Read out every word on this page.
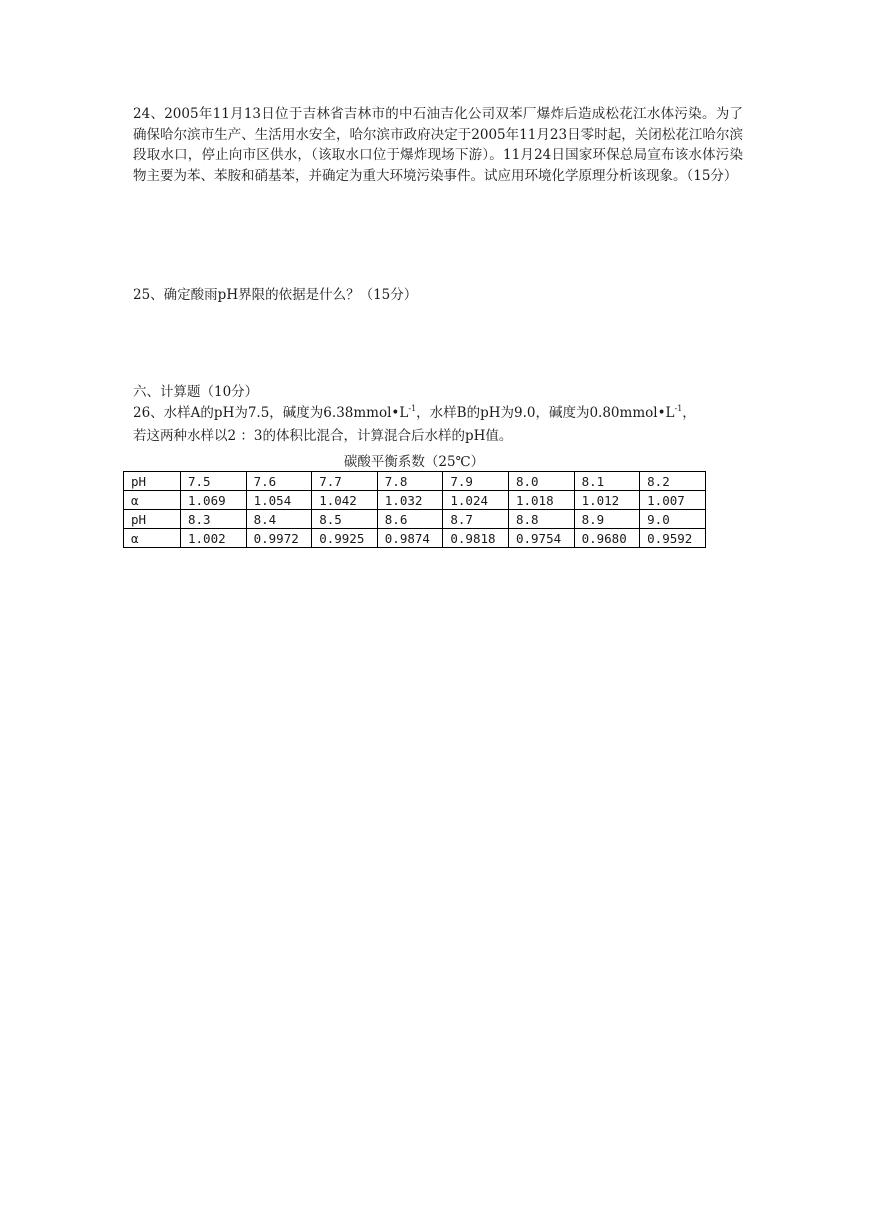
24、2005年11月13日位于吉林省吉林市的中石油吉化公司双苯厂爆炸后造成松花江水体污染。为了确保哈尔滨市生产、生活用水安全，哈尔滨市政府决定于2005年11月23日零时起，关闭松花江哈尔滨段取水口，停止向市区供水，（该取水口位于爆炸现场下游）。11月24日国家环保总局宣布该水体污染物主要为苯、苯胺和硝基苯，并确定为重大环境污染事件。试应用环境化学原理分析该现象。（15分）

25、确定酸雨pH界限的依据是什么？（15分）

六、计算题（10分）

26、水样A的pH为7.5，碱度为$6.38mmol•L^{-1}$，水样B的pH为9.0，碱度为$0.80mmol•L^{-1}$，

若这两种水样以2 ：3的体积比混合，计算混合后水样的pH值。

碳酸平衡系数（25℃）
pH	7.5	7.6	7.7	7.8	7.9	8.0	8.1	8.2
α	1.069	1.054	1.042	1.032	1.024	1.018	1.012	1.007
pH	8.3	8.4	8.5	8.6	8.7	8.8	8.9	9.0
α	1.002	0.9972	0.9925	0.9874	0.9818	0.9754	0.9680	0.9592
